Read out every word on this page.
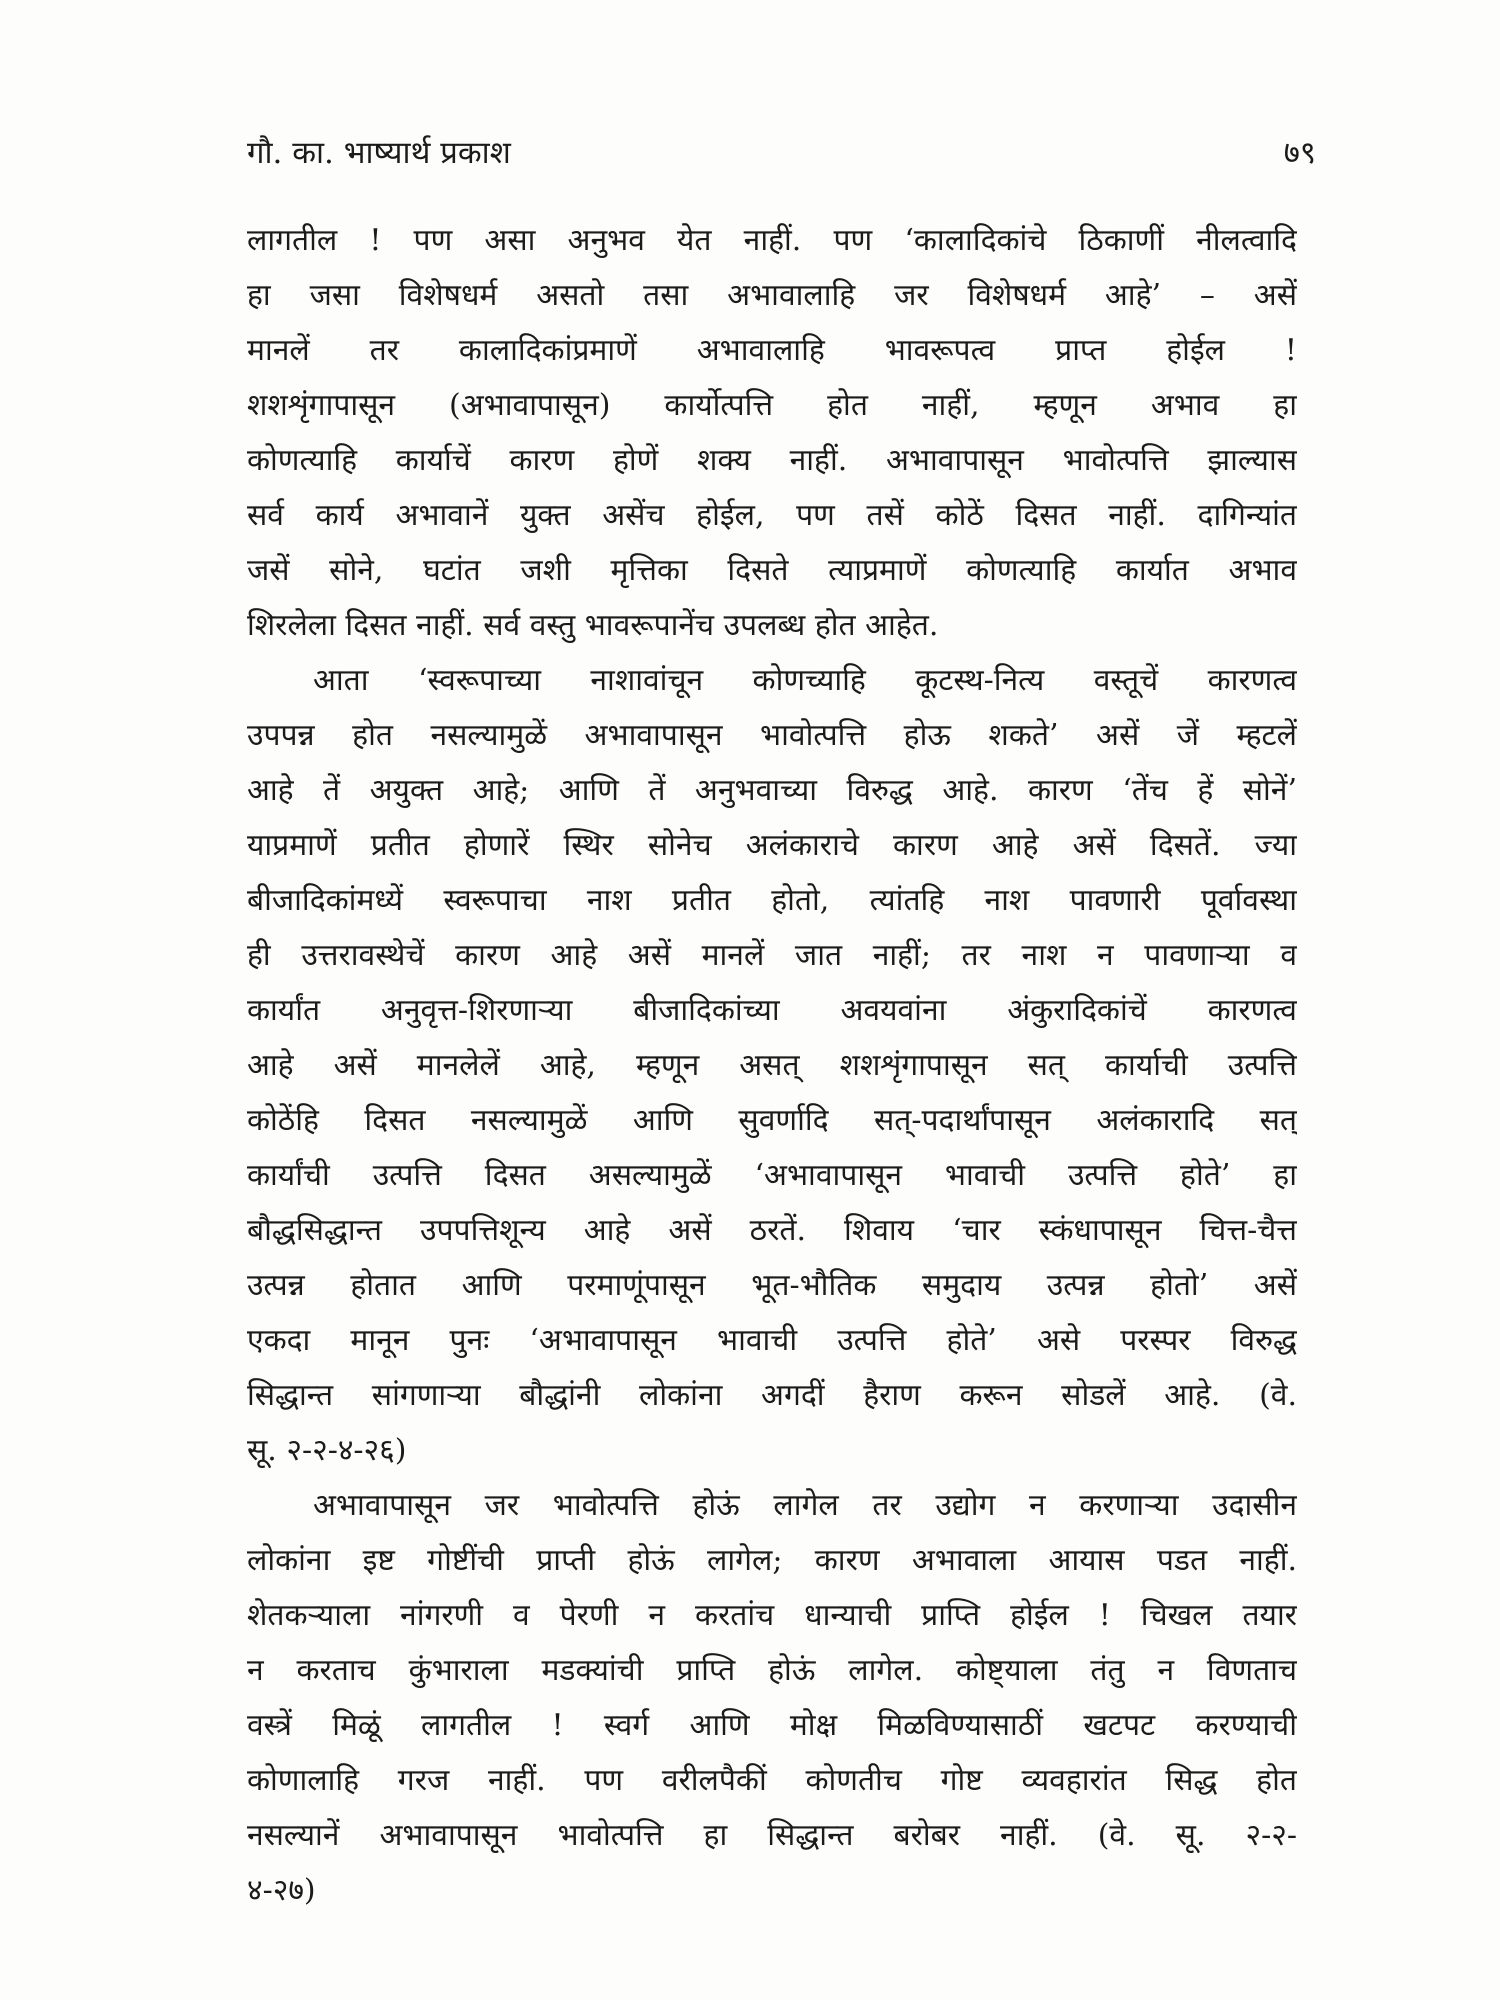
गौ. का. भाष्यार्थ प्रकाश	७९
लागतील ! पण असा अनुभव येत नाहीं. पण ‘कालादिकांचे ठिकाणीं नीलत्वादि
हा जसा विशेषधर्म असतो तसा अभावालाहि जर विशेषधर्म आहे’ – असें
मानलें तर कालादिकांप्रमाणें अभावालाहि भावरूपत्व प्राप्त होईल !
शशशृंगापासून (अभावापासून) कार्योत्पत्ति होत नाहीं, म्हणून अभाव हा
कोणत्याहि कार्याचें कारण होणें शक्य नाहीं. अभावापासून भावोत्पत्ति झाल्यास
सर्व कार्य अभावानें युक्त असेंच होईल, पण तसें कोठें दिसत नाहीं. दागिन्यांत
जसें सोने, घटांत जशी मृत्तिका दिसते त्याप्रमाणें कोणत्याहि कार्यात अभाव
शिरलेला दिसत नाहीं. सर्व वस्तु भावरूपानेंच उपलब्ध होत आहेत.
आता ‘स्वरूपाच्या नाशावांचून कोणच्याहि कूटस्थ-नित्य वस्तूचें कारणत्व
उपपन्न होत नसल्यामुळें अभावापासून भावोत्पत्ति होऊ शकते’ असें जें म्हटलें
आहे तें अयुक्त आहे; आणि तें अनुभवाच्या विरुद्ध आहे. कारण ‘तेंच हें सोनें’
याप्रमाणें प्रतीत होणारें स्थिर सोनेच अलंकाराचे कारण आहे असें दिसतें. ज्या
बीजादिकांमध्यें स्वरूपाचा नाश प्रतीत होतो, त्यांतहि नाश पावणारी पूर्वावस्था
ही उत्तरावस्थेचें कारण आहे असें मानलें जात नाहीं; तर नाश न पावणाऱ्या व
कार्यांत अनुवृत्त-शिरणाऱ्या बीजादिकांच्या अवयवांना अंकुरादिकांचें कारणत्व
आहे असें मानलेलें आहे, म्हणून असत् शशशृंगापासून सत् कार्याची उत्पत्ति
कोठेंहि दिसत नसल्यामुळें आणि सुवर्णादि सत्-पदार्थांपासून अलंकारादि सत्
कार्यांची उत्पत्ति दिसत असल्यामुळें ‘अभावापासून भावाची उत्पत्ति होते’ हा
बौद्धसिद्धान्त उपपत्तिशून्य आहे असें ठरतें. शिवाय ‘चार स्कंधापासून चित्त-चैत्त
उत्पन्न होतात आणि परमाणूंपासून भूत-भौतिक समुदाय उत्पन्न होतो’ असें
एकदा मानून पुनः ‘अभावापासून भावाची उत्पत्ति होते’ असे परस्पर विरुद्ध
सिद्धान्त सांगणाऱ्या बौद्धांनी लोकांना अगदीं हैराण करून सोडलें आहे. (वे.
सू. २-२-४-२६)
अभावापासून जर भावोत्पत्ति होऊं लागेल तर उद्योग न करणाऱ्या उदासीन
लोकांना इष्ट गोष्टींची प्राप्ती होऊं लागेल; कारण अभावाला आयास पडत नाहीं.
शेतकऱ्याला नांगरणी व पेरणी न करतांच धान्याची प्राप्ति होईल ! चिखल तयार
न करताच कुंभाराला मडक्यांची प्राप्ति होऊं लागेल. कोष्ट्याला तंतु न विणताच
वस्त्रें मिळूं लागतील ! स्वर्ग आणि मोक्ष मिळविण्यासाठीं खटपट करण्याची
कोणालाहि गरज नाहीं. पण वरीलपैकीं कोणतीच गोष्ट व्यवहारांत सिद्ध होत
नसल्यानें अभावापासून भावोत्पत्ति हा सिद्धान्त बरोबर नाहीं. (वे. सू. २-२-
४-२७)
